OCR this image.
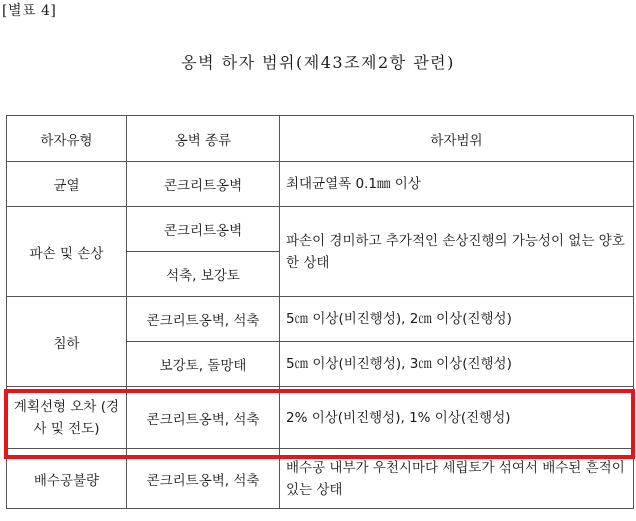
[별표 4]
옹벽 하자 범위(제43조제2항 관련)
하자유형	옹벽 종류	하자범위
균열	콘크리트옹벽	최대균열폭 0.1㎜ 이상
파손 및 손상	콘크리트옹벽	파손이 경미하고 추가적인 손상진행의 가능성이 없는 양호한 상태
	석축, 보강토	
침하	콘크리트옹벽, 석축	5㎝ 이상(비진행성), 2㎝ 이상(진행성)
	보강토, 돌망태	5㎝ 이상(비진행성), 3㎝ 이상(진행성)
계획선형 오차 (경사 및 전도)	콘크리트옹벽, 석축	2% 이상(비진행성), 1% 이상(진행성)
배수공불량	콘크리트옹벽, 석축	배수공 내부가 우천시마다 세립토가 섞여서 배수된 흔적이 있는 상태
